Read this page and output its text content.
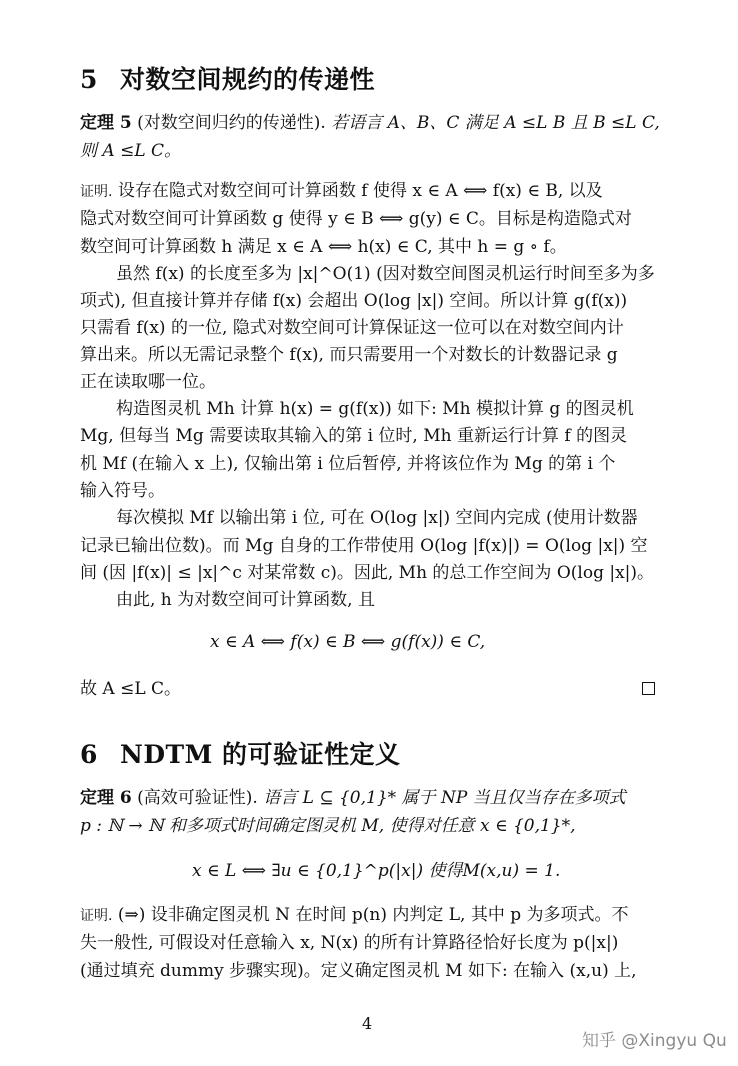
5 对数空间规约的传递性
定理 5 (对数空间归约的传递性). 若语言 A、B、C 满足 A ≤L B 且 B ≤L C,
则 A ≤L C。
证明. 设存在隐式对数空间可计算函数 f 使得 x ∈ A ⟺ f(x) ∈ B, 以及
隐式对数空间可计算函数 g 使得 y ∈ B ⟺ g(y) ∈ C。目标是构造隐式对
数空间可计算函数 h 满足 x ∈ A ⟺ h(x) ∈ C, 其中 h = g ∘ f。
虽然 f(x) 的长度至多为 |x|^O(1) (因对数空间图灵机运行时间至多为多
项式), 但直接计算并存储 f(x) 会超出 O(log |x|) 空间。所以计算 g(f(x))
只需看 f(x) 的一位, 隐式对数空间可计算保证这一位可以在对数空间内计
算出来。所以无需记录整个 f(x), 而只需要用一个对数长的计数器记录 g
正在读取哪一位。
构造图灵机 Mh 计算 h(x) = g(f(x)) 如下: Mh 模拟计算 g 的图灵机
Mg, 但每当 Mg 需要读取其输入的第 i 位时, Mh 重新运行计算 f 的图灵
机 Mf (在输入 x 上), 仅输出第 i 位后暂停, 并将该位作为 Mg 的第 i 个
输入符号。
每次模拟 Mf 以输出第 i 位, 可在 O(log |x|) 空间内完成 (使用计数器
记录已输出位数)。而 Mg 自身的工作带使用 O(log |f(x)|) = O(log |x|) 空
间 (因 |f(x)| ≤ |x|^c 对某常数 c)。因此, Mh 的总工作空间为 O(log |x|)。
由此, h 为对数空间可计算函数, 且
x ∈ A ⟺ f(x) ∈ B ⟺ g(f(x)) ∈ C,
故 A ≤L C。
6 NDTM 的可验证性定义
定理 6 (高效可验证性). 语言 L ⊆ {0,1}* 属于 NP 当且仅当存在多项式
p : ℕ → ℕ 和多项式时间确定图灵机 M, 使得对任意 x ∈ {0,1}*,
x ∈ L ⟺ ∃u ∈ {0,1}^p(|x|) 使得M(x,u) = 1.
证明. (⇒) 设非确定图灵机 N 在时间 p(n) 内判定 L, 其中 p 为多项式。不
失一般性, 可假设对任意输入 x, N(x) 的所有计算路径恰好长度为 p(|x|)
(通过填充 dummy 步骤实现)。定义确定图灵机 M 如下: 在输入 (x,u) 上,
4
知乎 @Xingyu Qu
